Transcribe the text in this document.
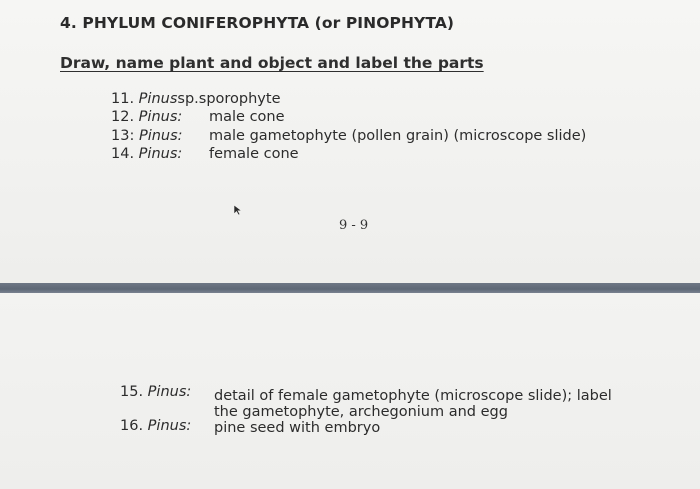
4. PHYLUM CONIFEROPHYTA (or PINOPHYTA)
Draw, name plant and object and label the parts
11. Pinussp.sporophyte
12. Pinus: male cone
13: Pinus: male gametophyte (pollen grain) (microscope slide)
14. Pinus: female cone
9 - 9
15. Pinus: detail of female gametophyte (microscope slide); label
the gametophyte, archegonium and egg
16. Pinus: pine seed with embryo
